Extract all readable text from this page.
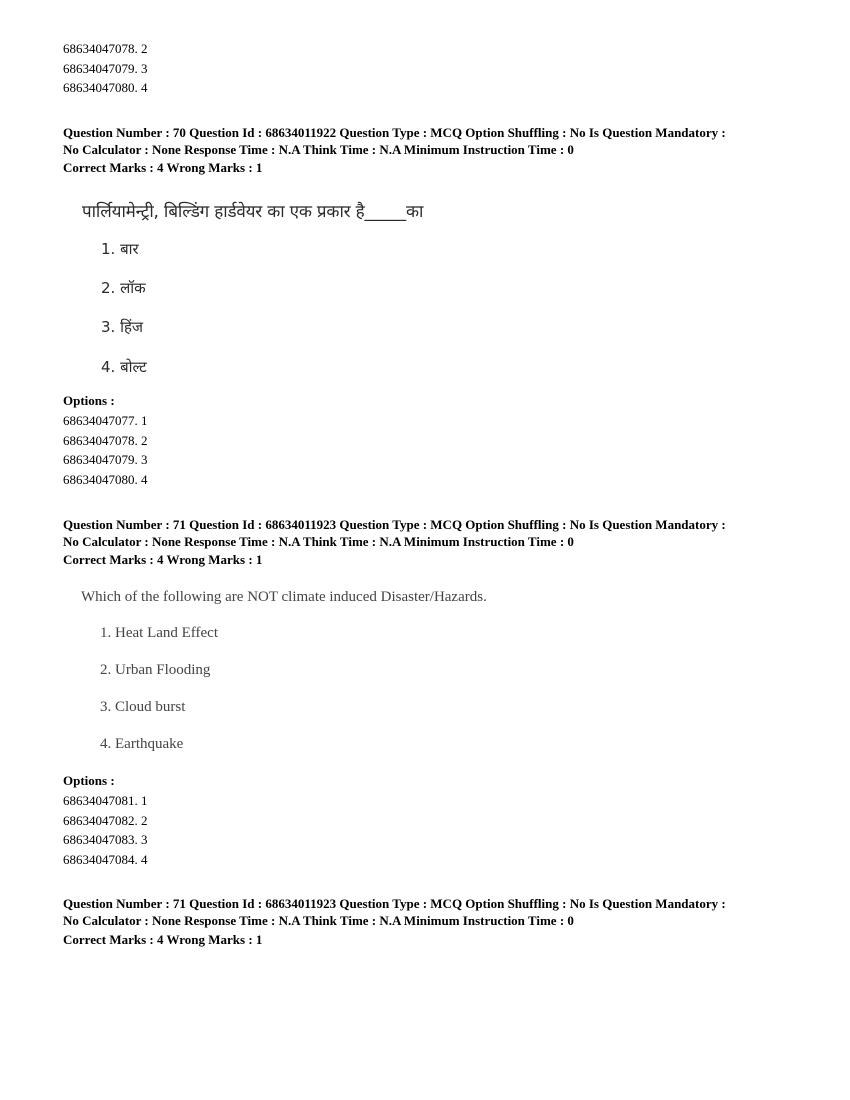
68634047078. 2
68634047079. 3
68634047080. 4
Question Number : 70 Question Id : 68634011922 Question Type : MCQ Option Shuffling : No Is Question Mandatory :
No Calculator : None Response Time : N.A Think Time : N.A Minimum Instruction Time : 0
Correct Marks : 4 Wrong Marks : 1
पार्लियामेन्ट्री, बिल्डिंग हार्डवेयर का एक प्रकार है_____का
1. बार
2. लॉक
3. हिंज
4. बोल्ट
Options :
68634047077. 1
68634047078. 2
68634047079. 3
68634047080. 4
Question Number : 71 Question Id : 68634011923 Question Type : MCQ Option Shuffling : No Is Question Mandatory :
No Calculator : None Response Time : N.A Think Time : N.A Minimum Instruction Time : 0
Correct Marks : 4 Wrong Marks : 1
Which of the following are NOT climate induced Disaster/Hazards.
1. Heat Land Effect
2. Urban Flooding
3. Cloud burst
4. Earthquake
Options :
68634047081. 1
68634047082. 2
68634047083. 3
68634047084. 4
Question Number : 71 Question Id : 68634011923 Question Type : MCQ Option Shuffling : No Is Question Mandatory :
No Calculator : None Response Time : N.A Think Time : N.A Minimum Instruction Time : 0
Correct Marks : 4 Wrong Marks : 1
